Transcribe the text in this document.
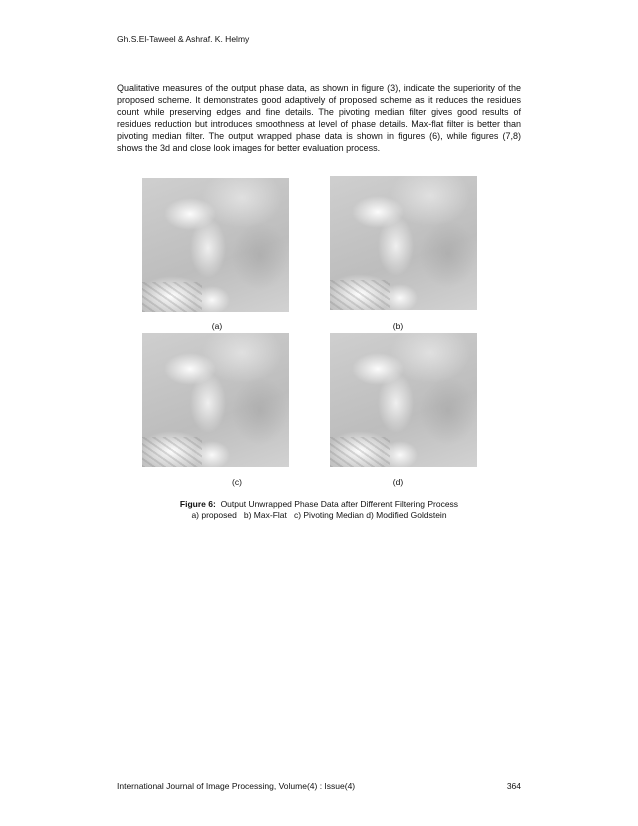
Gh.S.El-Taweel & Ashraf. K. Helmy

Qualitative measures of the output phase data, as shown in figure (3), indicate the superiority of the proposed scheme. It demonstrates good adaptively of proposed scheme as it reduces the residues count while preserving edges and fine details. The pivoting median filter gives good results of residues reduction but introduces smoothness at level of phase details. Max-flat filter is better than pivoting median filter. The output wrapped phase data is shown in figures (6), while figures (7,8) shows the 3d and close look images for better evaluation process.

(a)	(b)
(c)	(d)
Figure 6: Output Unwrapped Phase Data after Different Filtering Process
a) proposed   b) Max-Flat   c) Pivoting Median d) Modified Goldstein
International Journal of Image Processing, Volume(4) : Issue(4)	364
